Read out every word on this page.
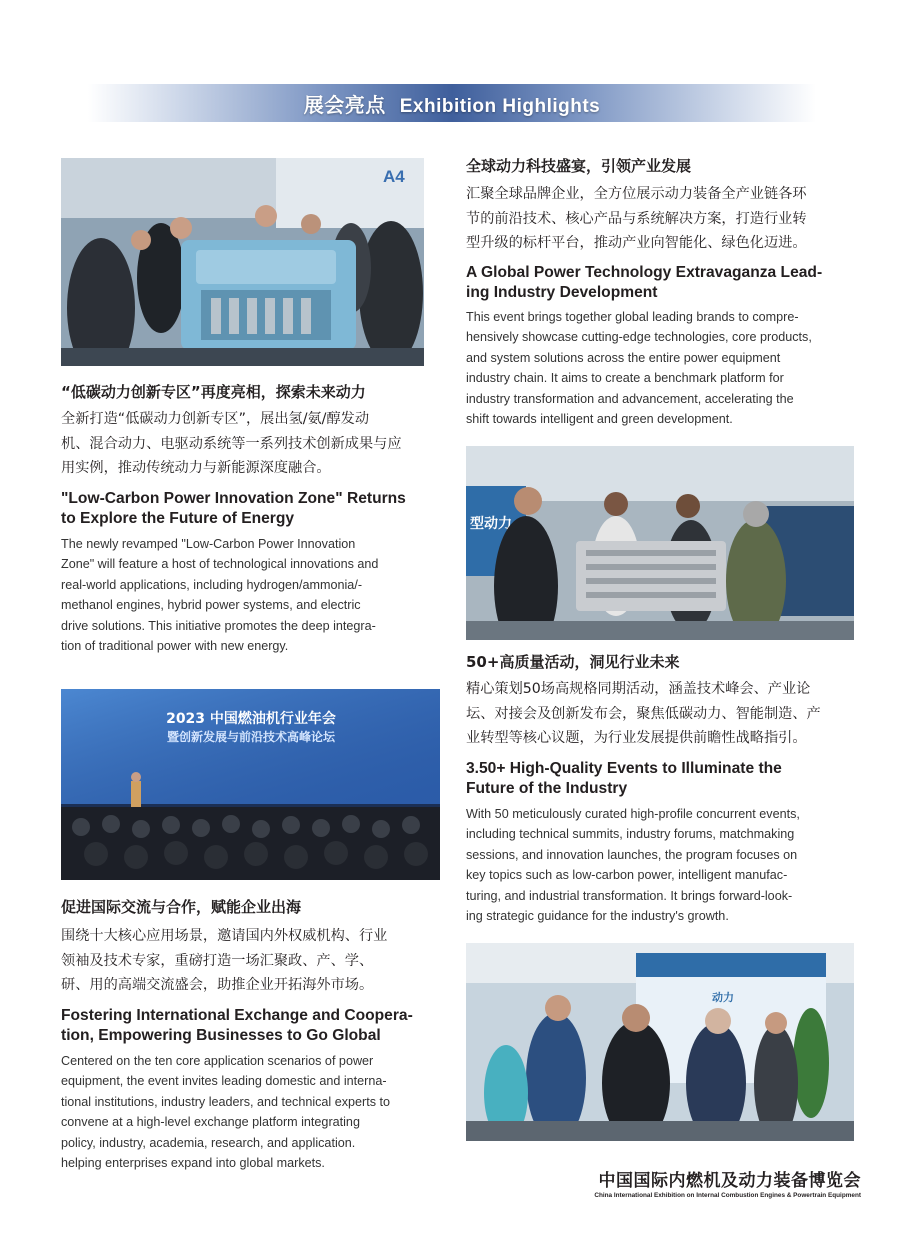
展会亮点 Exhibition Highlights
A4
全球动力科技盛宴，引领产业发展
汇聚全球品牌企业，全方位展示动力装备全产业链各环
节的前沿技术、核心产品与系统解决方案，打造行业转
型升级的标杆平台，推动产业向智能化、绿色化迈进。
A Global Power Technology Extravaganza Lead-
ing Industry Development
This event brings together global leading brands to compre-
hensively showcase cutting-edge technologies, core products,
and system solutions across the entire power equipment
industry chain. It aims to create a benchmark platform for
industry transformation and advancement, accelerating the
shift towards intelligent and green development.
“低碳动力创新专区”再度亮相，探索未来动力
全新打造“低碳动力创新专区”，展出氢/氨/醇发动
机、混合动力、电驱动系统等一系列技术创新成果与应
用实例，推动传统动力与新能源深度融合。
"Low-Carbon Power Innovation Zone" Returns
to Explore the Future of Energy
The newly revamped "Low-Carbon Power Innovation
Zone" will feature a host of technological innovations and
real-world applications, including hydrogen/ammonia/-
methanol engines, hybrid power systems, and electric
drive solutions. This initiative promotes the deep integra-
tion of traditional power with new energy.
型动力
50+高质量活动，洞见行业未来
精心策划50场高规格同期活动，涵盖技术峰会、产业论
坛、对接会及创新发布会，聚焦低碳动力、智能制造、产
业转型等核心议题，为行业发展提供前瞻性战略指引。
3.50+ High-Quality Events to Illuminate the
Future of the Industry
With 50 meticulously curated high-profile concurrent events,
including technical summits, industry forums, matchmaking
sessions, and innovation launches, the program focuses on
key topics such as low-carbon power, intelligent manufac-
turing, and industrial transformation. It brings forward-look-
ing strategic guidance for the industry's growth.
2023 中国燃油机行业年会
暨创新发展与前沿技术高峰论坛
促进国际交流与合作，赋能企业出海
围绕十大核心应用场景，邀请国内外权威机构、行业
领袖及技术专家，重磅打造一场汇聚政、产、学、
研、用的高端交流盛会，助推企业开拓海外市场。
Fostering International Exchange and Coopera-
tion, Empowering Businesses to Go Global
Centered on the ten core application scenarios of power
equipment, the event invites leading domestic and interna-
tional institutions, industry leaders, and technical experts to
convene at a high-level exchange platform integrating
policy, industry, academia, research, and application.
helping enterprises expand into global markets.
动力
中国国际内燃机及动力装备博览会
China International Exhibition on Internal Combustion Engines & Powertrain Equipment
